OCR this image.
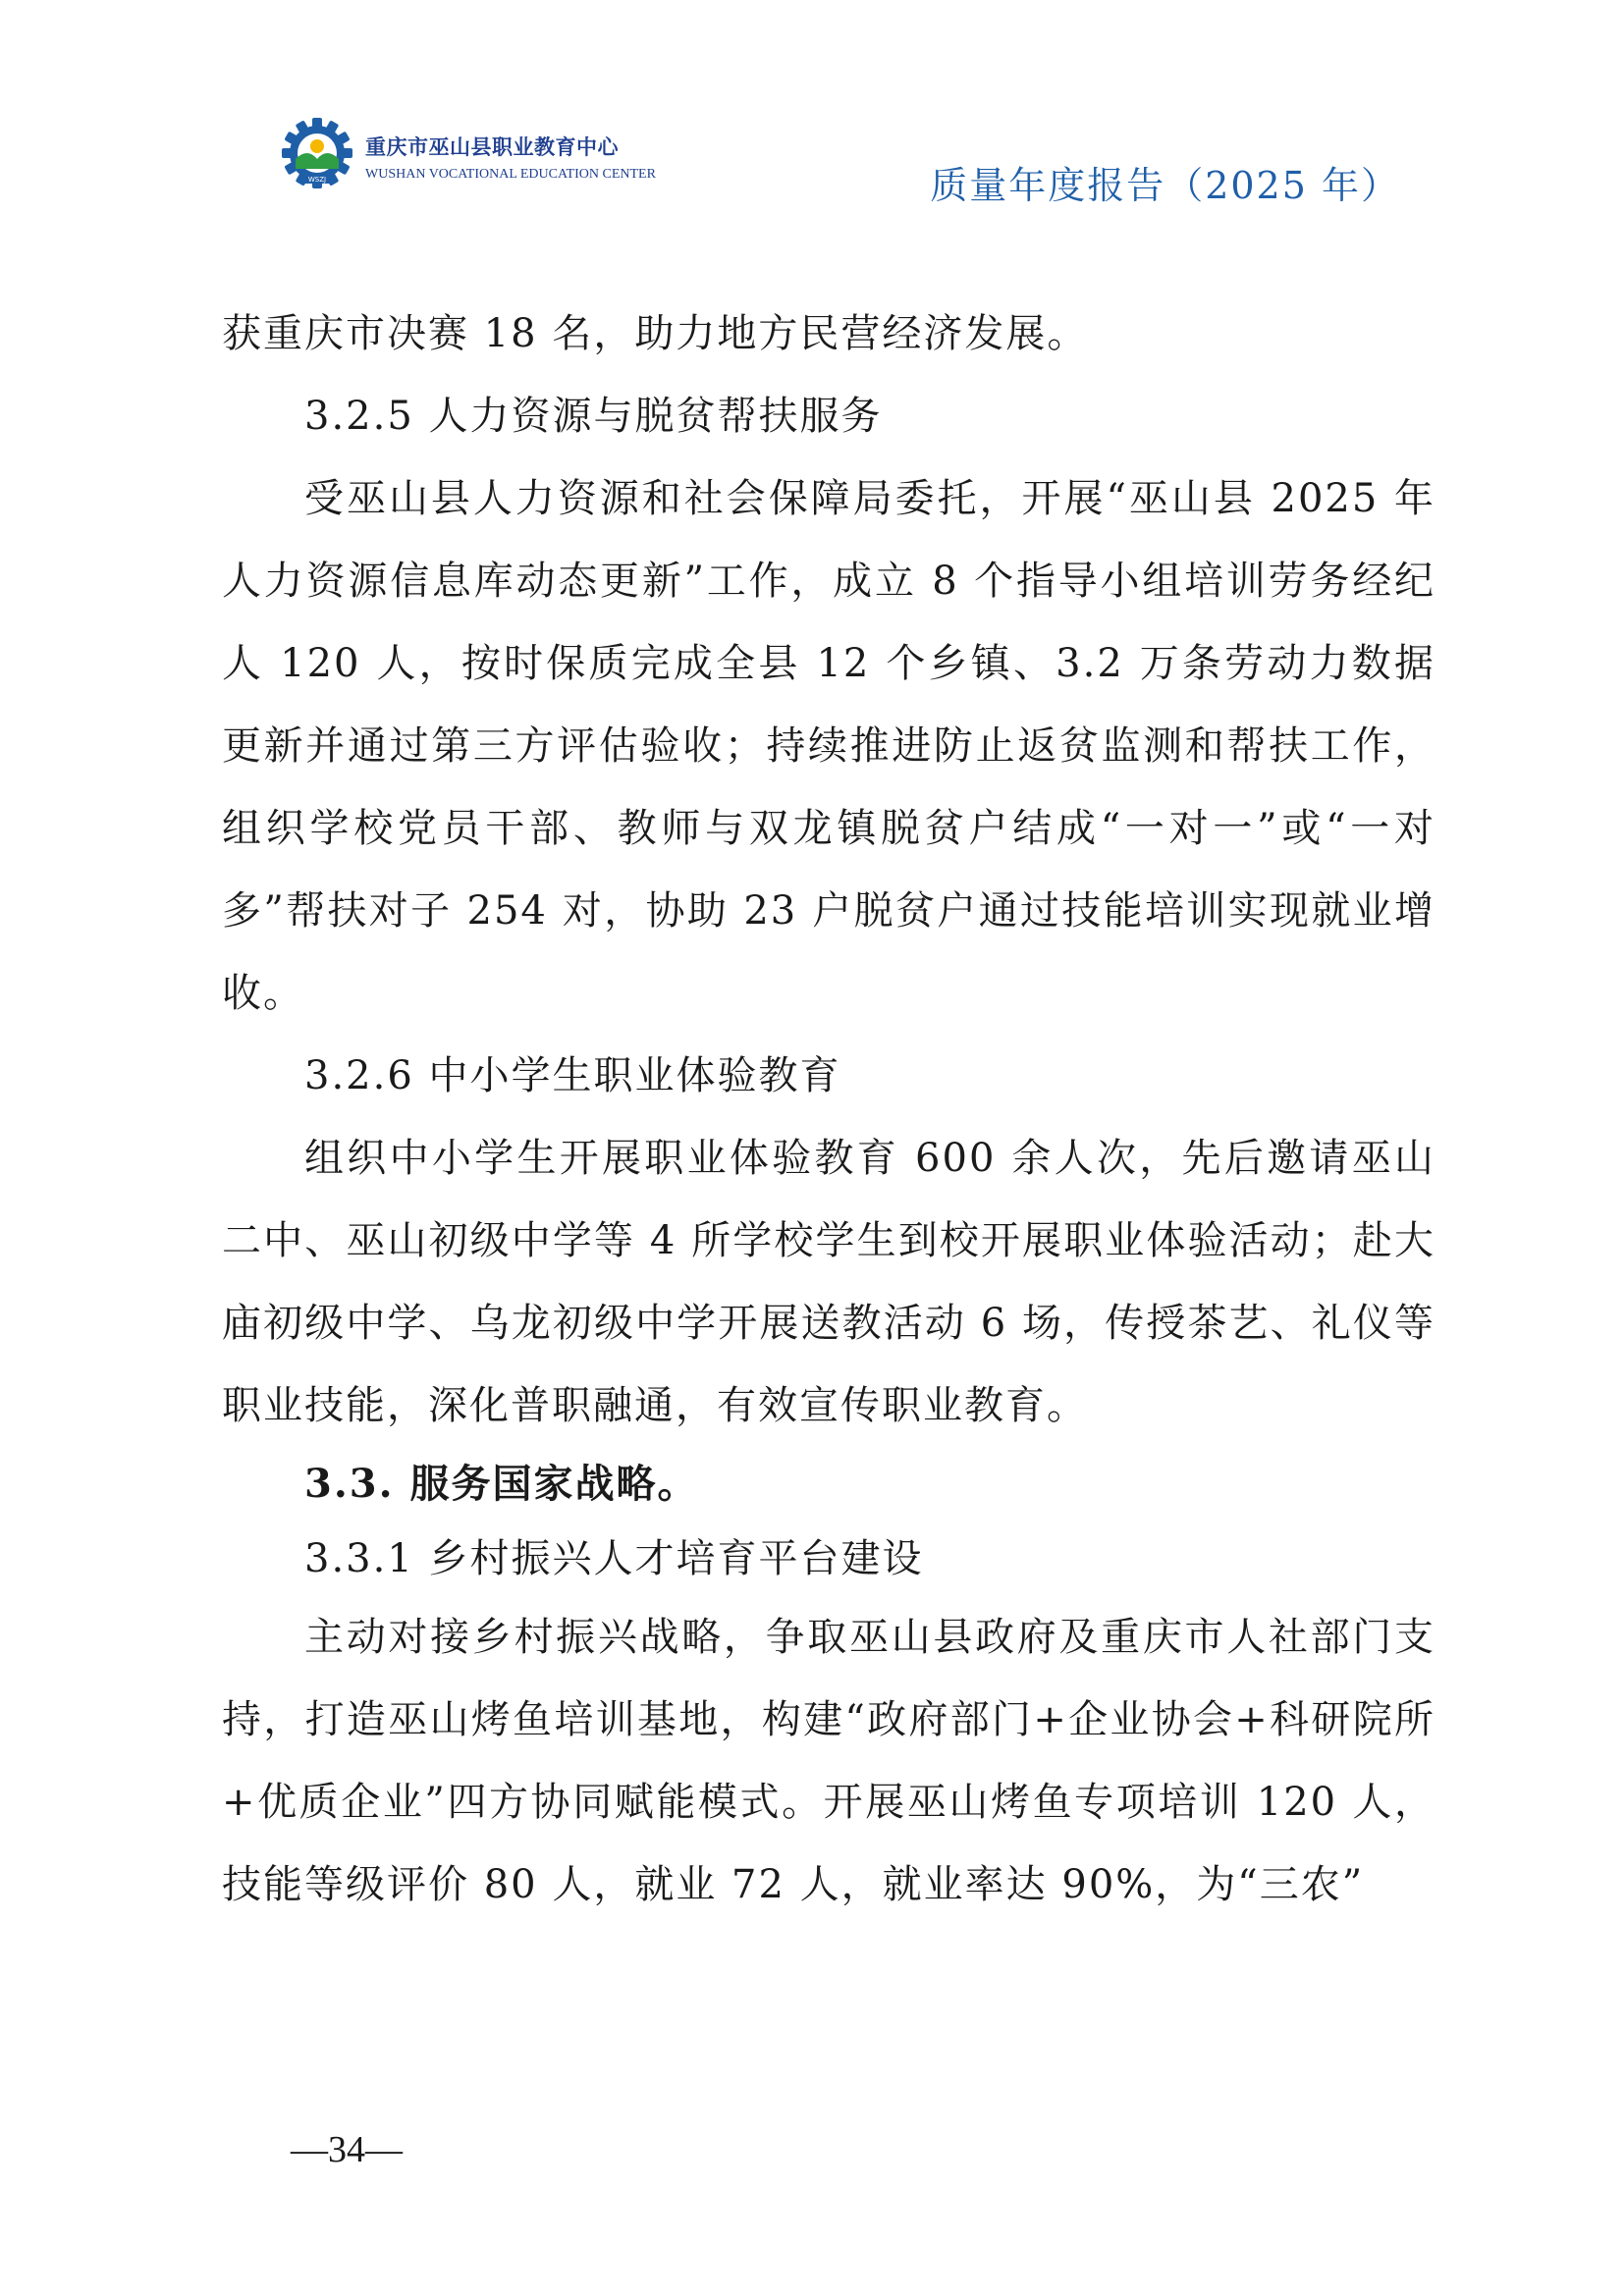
WSZJ
重庆市巫山县职业教育中心
WUSHAN VOCATIONAL EDUCATION CENTER	质量年度报告（2025 年）

获重庆市决赛 18 名，助力地方民营经济发展。

3.2.5 人力资源与脱贫帮扶服务

受巫山县人力资源和社会保障局委托，开展“巫山县 2025 年人力资源信息库动态更新”工作，成立 8 个指导小组培训劳务经纪人 120 人，按时保质完成全县 12 个乡镇、3.2 万条劳动力数据更新并通过第三方评估验收；持续推进防止返贫监测和帮扶工作，组织学校党员干部、教师与双龙镇脱贫户结成“一对一”或“一对多”帮扶对子 254 对，协助 23 户脱贫户通过技能培训实现就业增收。

3.2.6 中小学生职业体验教育

组织中小学生开展职业体验教育 600 余人次，先后邀请巫山二中、巫山初级中学等 4 所学校学生到校开展职业体验活动；赴大庙初级中学、乌龙初级中学开展送教活动 6 场，传授茶艺、礼仪等职业技能，深化普职融通，有效宣传职业教育。

3.3. 服务国家战略。

3.3.1 乡村振兴人才培育平台建设

主动对接乡村振兴战略，争取巫山县政府及重庆市人社部门支持，打造巫山烤鱼培训基地，构建“政府部门+企业协会+科研院所+优质企业”四方协同赋能模式。开展巫山烤鱼专项培训 120 人，技能等级评价 80 人，就业 72 人，就业率达 90%，为“三农”

—34—
